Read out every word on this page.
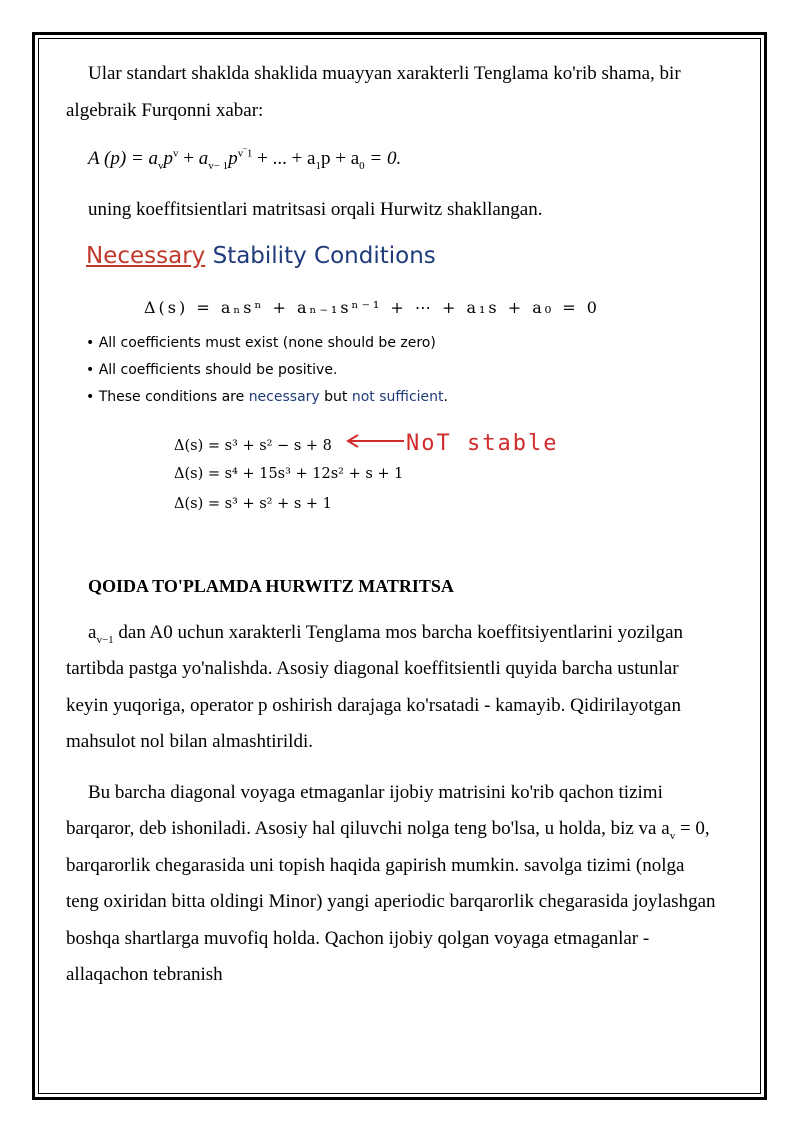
Ular standart shaklda shaklida muayyan xarakterli Tenglama ko'rib shama, bir algebraik Furqonni xabar:

A $(p) = a_vp^v + a_{v- 1}p^{v‾1}$ + ... + $a_1p + a_0 = 0$.

uning koeffitsientlari matritsasi orqali Hurwitz shakllangan.

Necessary Stability Conditions
Δ(s) = aₙsⁿ + aₙ₋₁sⁿ⁻¹ + ⋯ + a₁s + a₀ = 0
• All coefficients must exist (none should be zero)
• All coefficients should be positive.
• These conditions are necessary but not sufficient.
Δ(s) = s³ + s² − s + 8
Δ(s) = s⁴ + 15s³ + 12s² + s + 1
Δ(s) = s³ + s² + s + 1
NoT stable

QOIDA TO'PLAMDA HURWITZ MATRITSA

$a_{v-1}$ dan A0 uchun xarakterli Tenglama mos barcha koeffitsiyentlarini yozilgan tartibda pastga yo'nalishda. Asosiy diagonal koeffitsientli quyida barcha ustunlar keyin yuqoriga, operator p oshirish darajaga ko'rsatadi - kamayib. Qidirilayotgan mahsulot nol bilan almashtirildi.

Bu barcha diagonal voyaga etmaganlar ijobiy matrisini ko'rib qachon tizimi barqaror, deb ishoniladi. Asosiy hal qiluvchi nolga teng bo'lsa, u holda, biz va $a_v = 0$, barqarorlik chegarasida uni topish haqida gapirish mumkin. savolga tizimi (nolga teng oxiridan bitta oldingi Minor) yangi aperiodic barqarorlik chegarasida joylashgan boshqa shartlarga muvofiq holda. Qachon ijobiy qolgan voyaga etmaganlar - allaqachon tebranish
